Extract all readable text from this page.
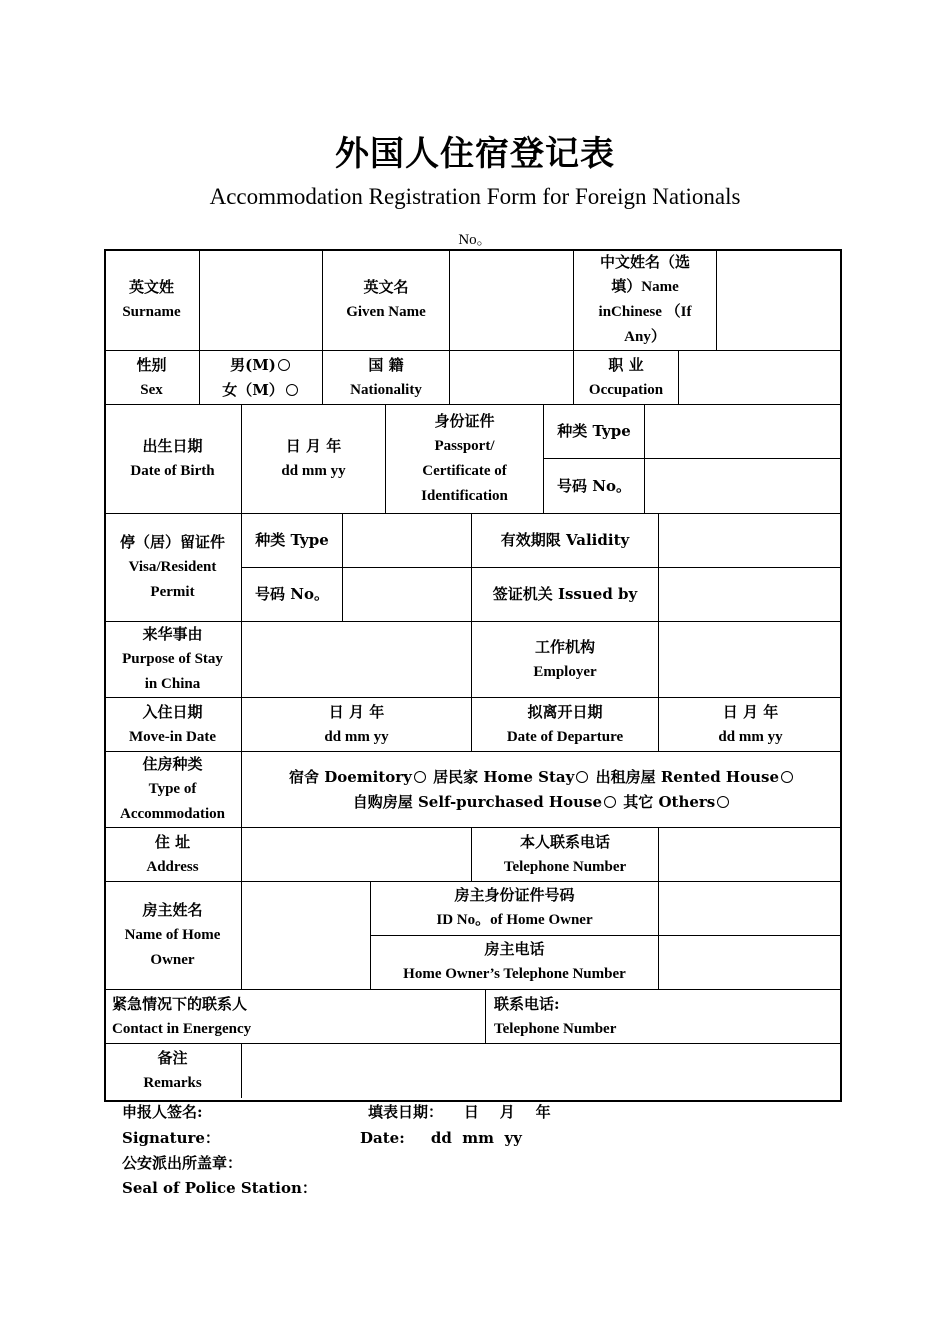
外国人住宿登记表
Accommodation Registration Form for Foreign Nationals
No。
英文姓
Surname
英文名
Given Name
中文姓名（选
填）Name
inChinese （If
Any）
性别
Sex
男(M)
女（M）
国 籍
Nationality
职 业
Occupation
出生日期
Date of Birth
日 月 年
dd mm yy
身份证件
Passport/
Certificate of
Identification
种类 Type
号码 No。
停（居）留证件
Visa/Resident
Permit
种类 Type	有效期限 Validity
号码 No。	签证机关 Issued by
来华事由
Purpose of Stay
in China
工作机构
Employer
入住日期
Move-in Date
日 月 年
dd mm yy
拟离开日期
Date of Departure
日 月 年
dd mm yy
住房种类
Type of
Accommodation
宿舍 Doemitory 居民家 Home Stay 出租房屋 Rented House
自购房屋 Self-purchased House 其它 Others
住 址
Address
本人联系电话
Telephone Number
房主姓名
Name of Home
Owner
房主身份证件号码
ID No。of Home Owner
房主电话
Home Owner’s Telephone Number
紧急情况下的联系人
Contact in Energency
联系电话:
Telephone Number
备注
Remarks
申报人签名:
Signature：
填表日期：    日    月    年
Date:     dd  mm  yy
公安派出所盖章：
Seal of Police Station：
